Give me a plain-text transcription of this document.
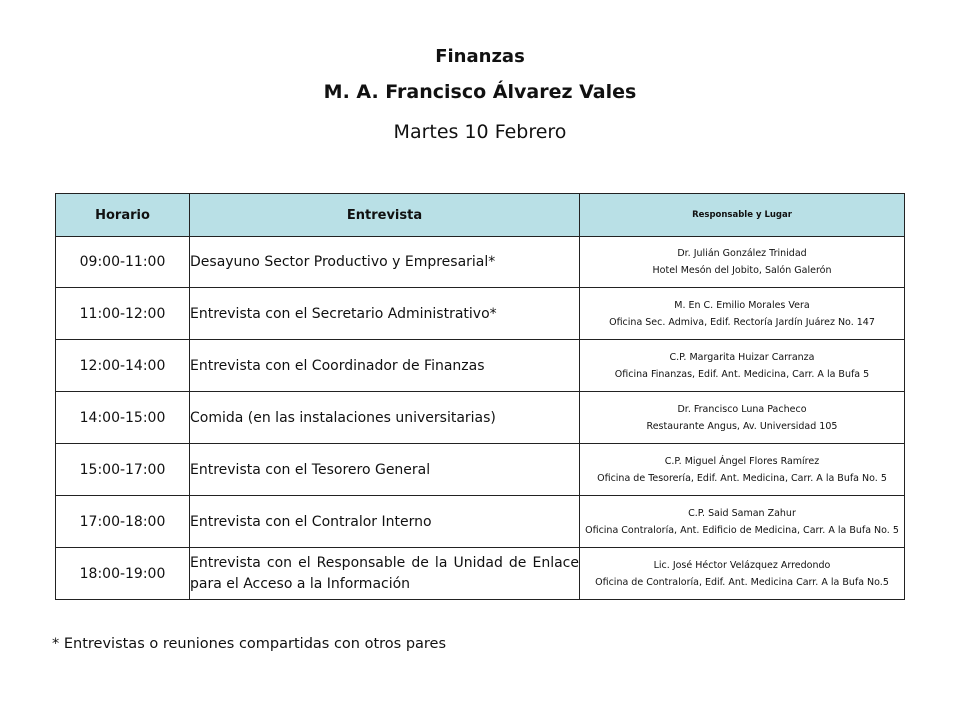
Finanzas
M. A. Francisco Álvarez Vales
Martes 10 Febrero
Horario	Entrevista	Responsable y Lugar
09:00-11:00	Desayuno Sector Productivo y Empresarial*	Dr. Julián González Trinidad
Hotel Mesón del Jobito, Salón Galerón

11:00-12:00	Entrevista con el Secretario Administrativo*	M. En C. Emilio Morales Vera
Oficina Sec. Admiva, Edif. Rectoría Jardín Juárez No. 147

12:00-14:00	Entrevista con el Coordinador de Finanzas	C.P. Margarita Huizar Carranza
Oficina Finanzas, Edif. Ant. Medicina, Carr. A la Bufa 5

14:00-15:00	Comida (en las instalaciones universitarias)	Dr. Francisco Luna Pacheco
Restaurante Angus, Av. Universidad 105

15:00-17:00	Entrevista con el Tesorero General	C.P. Miguel Ángel Flores Ramírez
Oficina de Tesorería, Edif. Ant. Medicina, Carr. A la Bufa No. 5

17:00-18:00	Entrevista con el Contralor Interno	C.P. Said Saman Zahur
Oficina Contraloría, Ant. Edificio de Medicina, Carr. A la Bufa No. 5

18:00-19:00	Entrevista con el Responsable de la Unidad de Enlace para el Acceso a la Información	Lic. José Héctor Velázquez Arredondo
Oficina de Contraloría, Edif. Ant. Medicina Carr. A la Bufa No.5
* Entrevistas o reuniones compartidas con otros pares
